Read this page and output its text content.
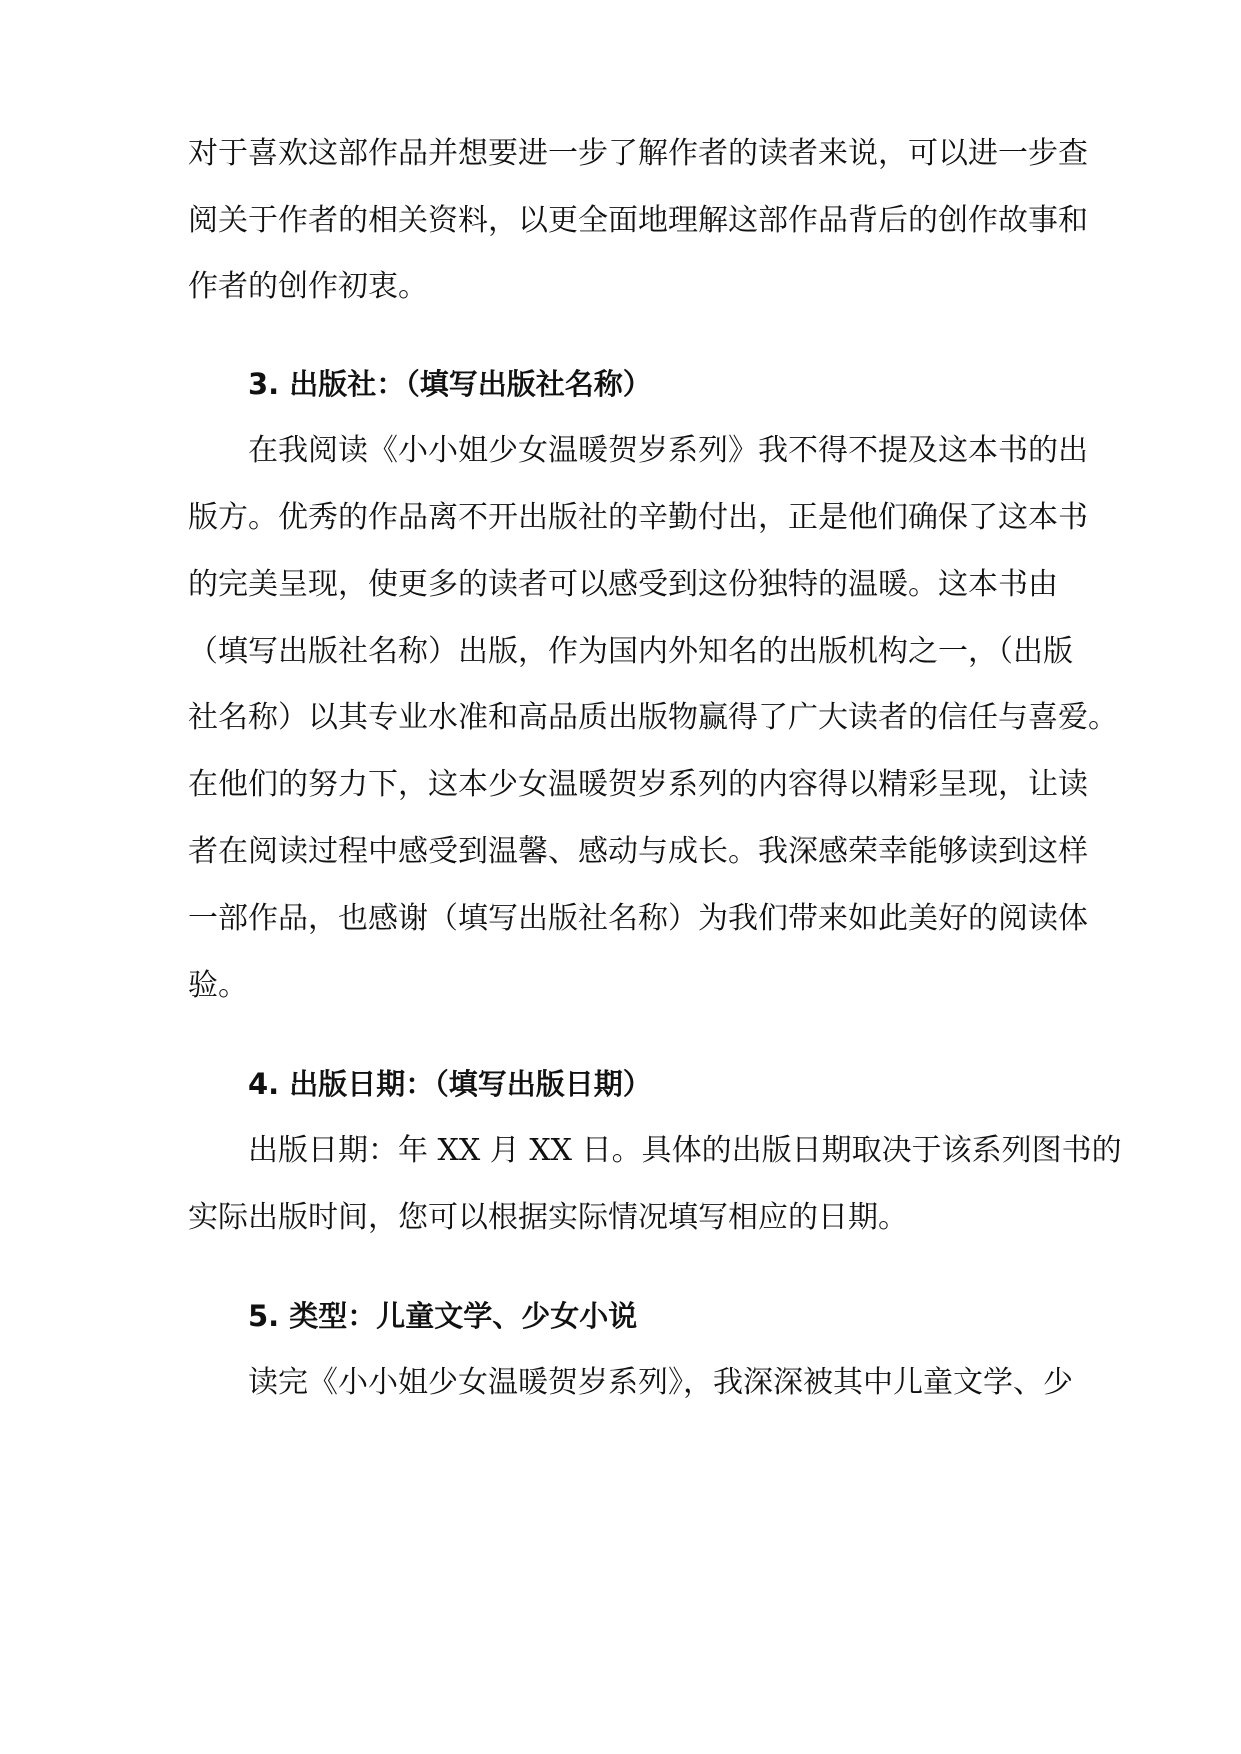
对于喜欢这部作品并想要进一步了解作者的读者来说，可以进一步查

阅关于作者的相关资料，以更全面地理解这部作品背后的创作故事和

作者的创作初衷。

3. 出版社：（填写出版社名称）

在我阅读《小小姐少女温暖贺岁系列》我不得不提及这本书的出

版方。优秀的作品离不开出版社的辛勤付出，正是他们确保了这本书

的完美呈现，使更多的读者可以感受到这份独特的温暖。这本书由

（填写出版社名称）出版，作为国内外知名的出版机构之一，（出版

社名称）以其专业水准和高品质出版物赢得了广大读者的信任与喜爱。

在他们的努力下，这本少女温暖贺岁系列的内容得以精彩呈现，让读

者在阅读过程中感受到温馨、感动与成长。我深感荣幸能够读到这样

一部作品，也感谢（填写出版社名称）为我们带来如此美好的阅读体

验。

4. 出版日期：（填写出版日期）

出版日期：年 XX 月 XX 日。具体的出版日期取决于该系列图书的

实际出版时间，您可以根据实际情况填写相应的日期。

5. 类型：儿童文学、少女小说

读完《小小姐少女温暖贺岁系列》，我深深被其中儿童文学、少
